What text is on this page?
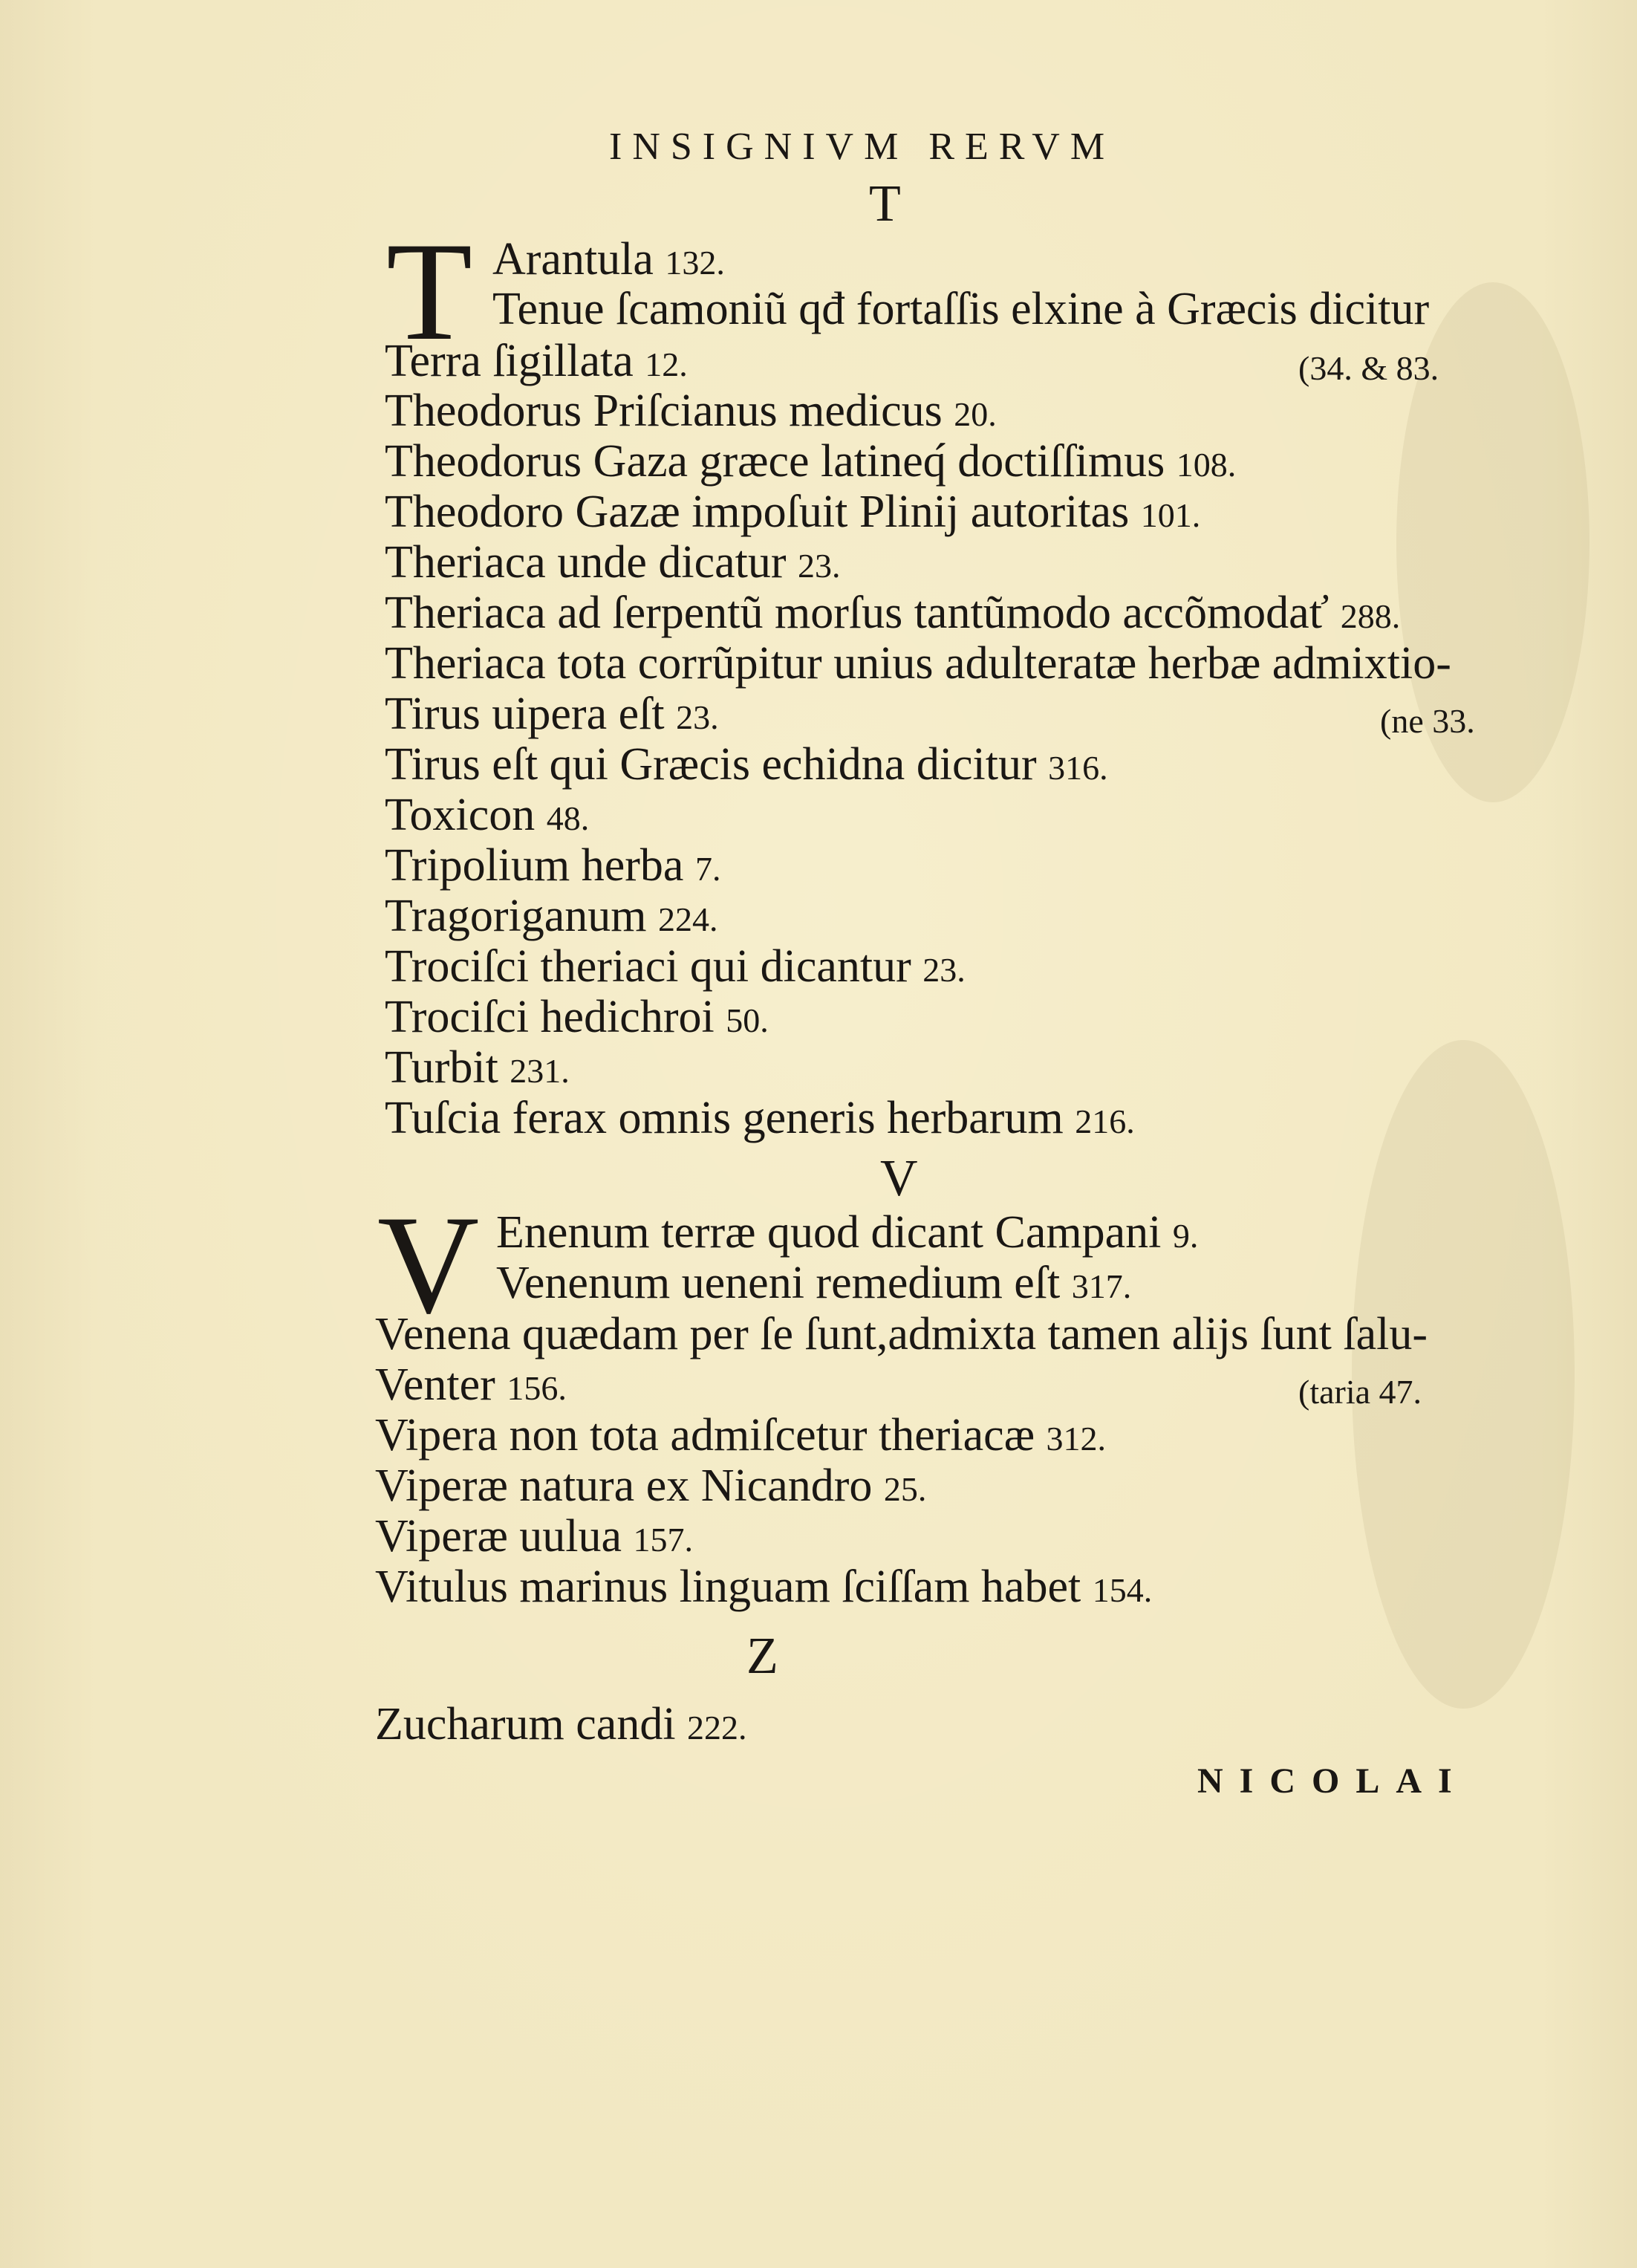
INSIGNIVM RERVM
T
T Arantula 132.
Tenue ſcamoniũ qđ fortaſſis elxine à Græcis dicitur
Terra ſigillata 12.	(34. & 83.
Theodorus Priſcianus medicus 20.
Theodorus Gaza græce latineq́ doctiſſimus 108.
Theodoro Gazæ impoſuit Plinij autoritas 101.
Theriaca unde dicatur 23.
Theriaca ad ſerpentũ morſus tantũmodo accõmodať 288.
Theriaca tota corrũpitur unius adulteratæ herbæ admixtio-
Tirus uipera eſt 23.	(ne 33.
Tirus eſt qui Græcis echidna dicitur 316.
Toxicon 48.
Tripolium herba 7.
Tragoriganum 224.
Trociſci theriaci qui dicantur 23.
Trociſci hedichroi 50.
Turbit 231.
Tuſcia ferax omnis generis herbarum 216.
V
V Enenum terræ quod dicant Campani 9.
Venenum ueneni remedium eſt 317.
Venena quædam per ſe ſunt,admixta tamen alijs ſunt ſalu-
Venter 156.	(taria 47.
Vipera non tota admiſcetur theriacæ 312.
Viperæ natura ex Nicandro 25.
Viperæ uulua 157.
Vitulus marinus linguam ſciſſam habet 154.
Z
Zucharum candi 222.
NICOLAI
